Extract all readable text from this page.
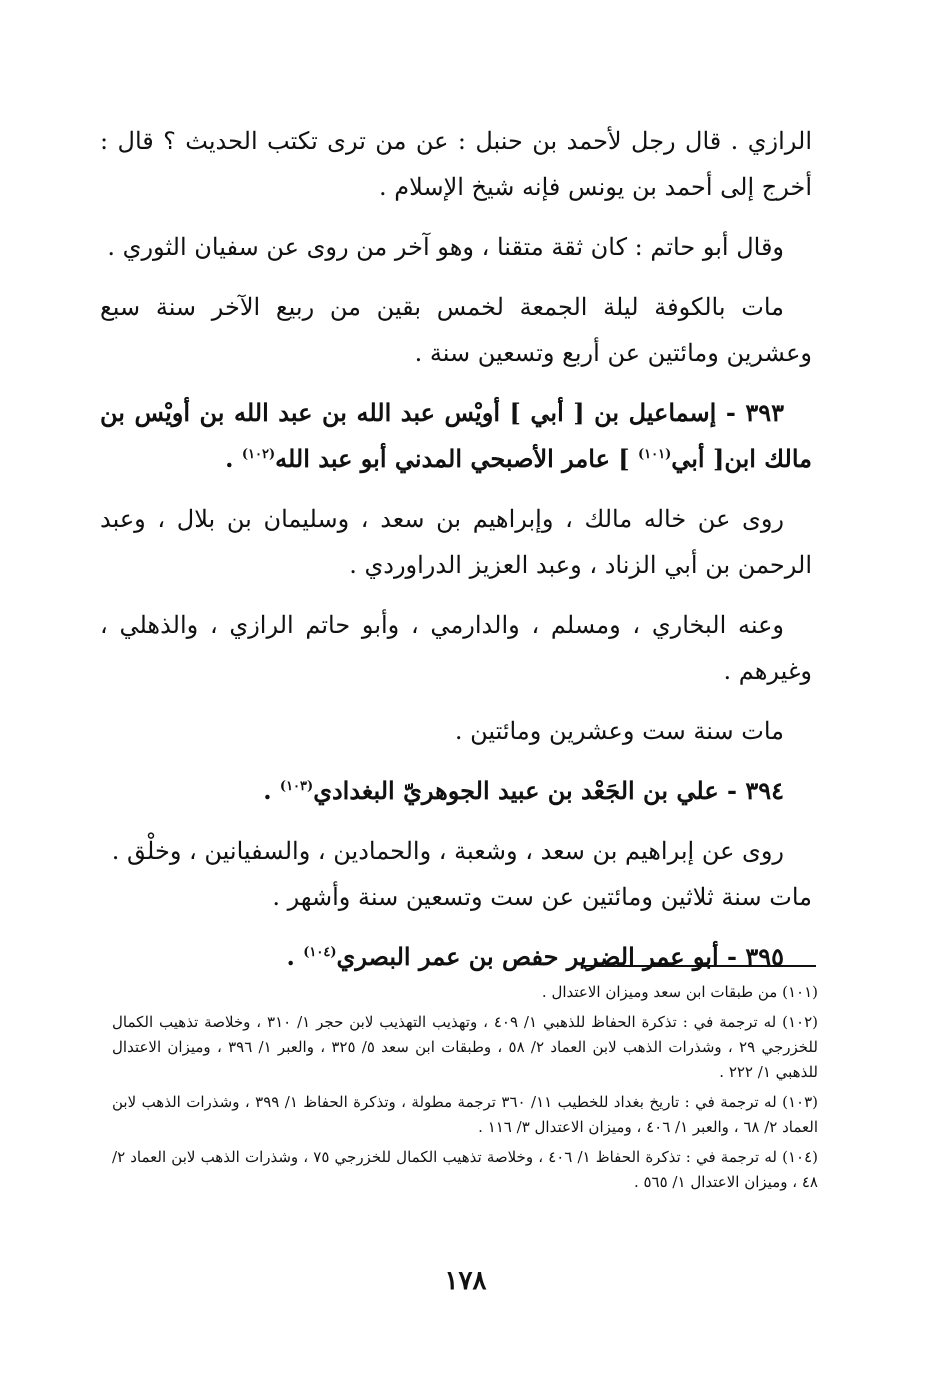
الرازي . قال رجل لأحمد بن حنبل : عن من ترى تكتب الحديث ؟ قال : أخرج إلى أحمد بن يونس فإنه شيخ الإسلام .

وقال أبو حاتم : كان ثقة متقنا ، وهو آخر من روى عن سفيان الثوري .

مات بالكوفة ليلة الجمعة لخمس بقين من ربيع الآخر سنة سبع وعشرين ومائتين عن أربع وتسعين سنة .

٣٩٣ - إسماعيل بن [ أبي ] أويْس عبد الله بن عبد الله بن أويْس بن مالك ابن[ أبي$^{(١٠١)}$ ] عامر الأصبحي المدني أبو عبد الله$^{(١٠٢)}$ .

روى عن خاله مالك ، وإبراهيم بن سعد ، وسليمان بن بلال ، وعبد الرحمن بن أبي الزناد ، وعبد العزيز الدراوردي .

وعنه البخاري ، ومسلم ، والدارمي ، وأبو حاتم الرازي ، والذهلي ، وغيرهم .

مات سنة ست وعشرين ومائتين .

٣٩٤ - علي بن الجَعْد بن عبيد الجوهريّ البغدادي$^{(١٠٣)}$ .

روى عن إبراهيم بن سعد ، وشعبة ، والحمادين ، والسفيانين ، وخلْق .

مات سنة ثلاثين ومائتين عن ست وتسعين سنة وأشهر .

٣٩٥ - أبو عمر الضرير حفص بن عمر البصري$^{(١٠٤)}$ .

(١٠١) من طبقات ابن سعد وميزان الاعتدال .

(١٠٢) له ترجمة في : تذكرة الحفاظ للذهبي ١/ ٤٠٩ ، وتهذيب التهذيب لابن حجر ١/ ٣١٠ ، وخلاصة تذهيب الكمال للخزرجي ٢٩ ، وشذرات الذهب لابن العماد ٢/ ٥٨ ، وطبقات ابن سعد ٥/ ٣٢٥ ، والعبر ١/ ٣٩٦ ، وميزان الاعتدال للذهبي ١/ ٢٢٢ .

(١٠٣) له ترجمة في : تاريخ بغداد للخطيب ١١/ ٣٦٠ ترجمة مطولة ، وتذكرة الحفاظ ١/ ٣٩٩ ، وشذرات الذهب لابن العماد ٢/ ٦٨ ، والعبر ١/ ٤٠٦ ، وميزان الاعتدال ٣/ ١١٦ .

(١٠٤) له ترجمة في : تذكرة الحفاظ ١/ ٤٠٦ ، وخلاصة تذهيب الكمال للخزرجي ٧٥ ، وشذرات الذهب لابن العماد ٢/ ٤٨ ، وميزان الاعتدال ١/ ٥٦٥ .

١٧٨
